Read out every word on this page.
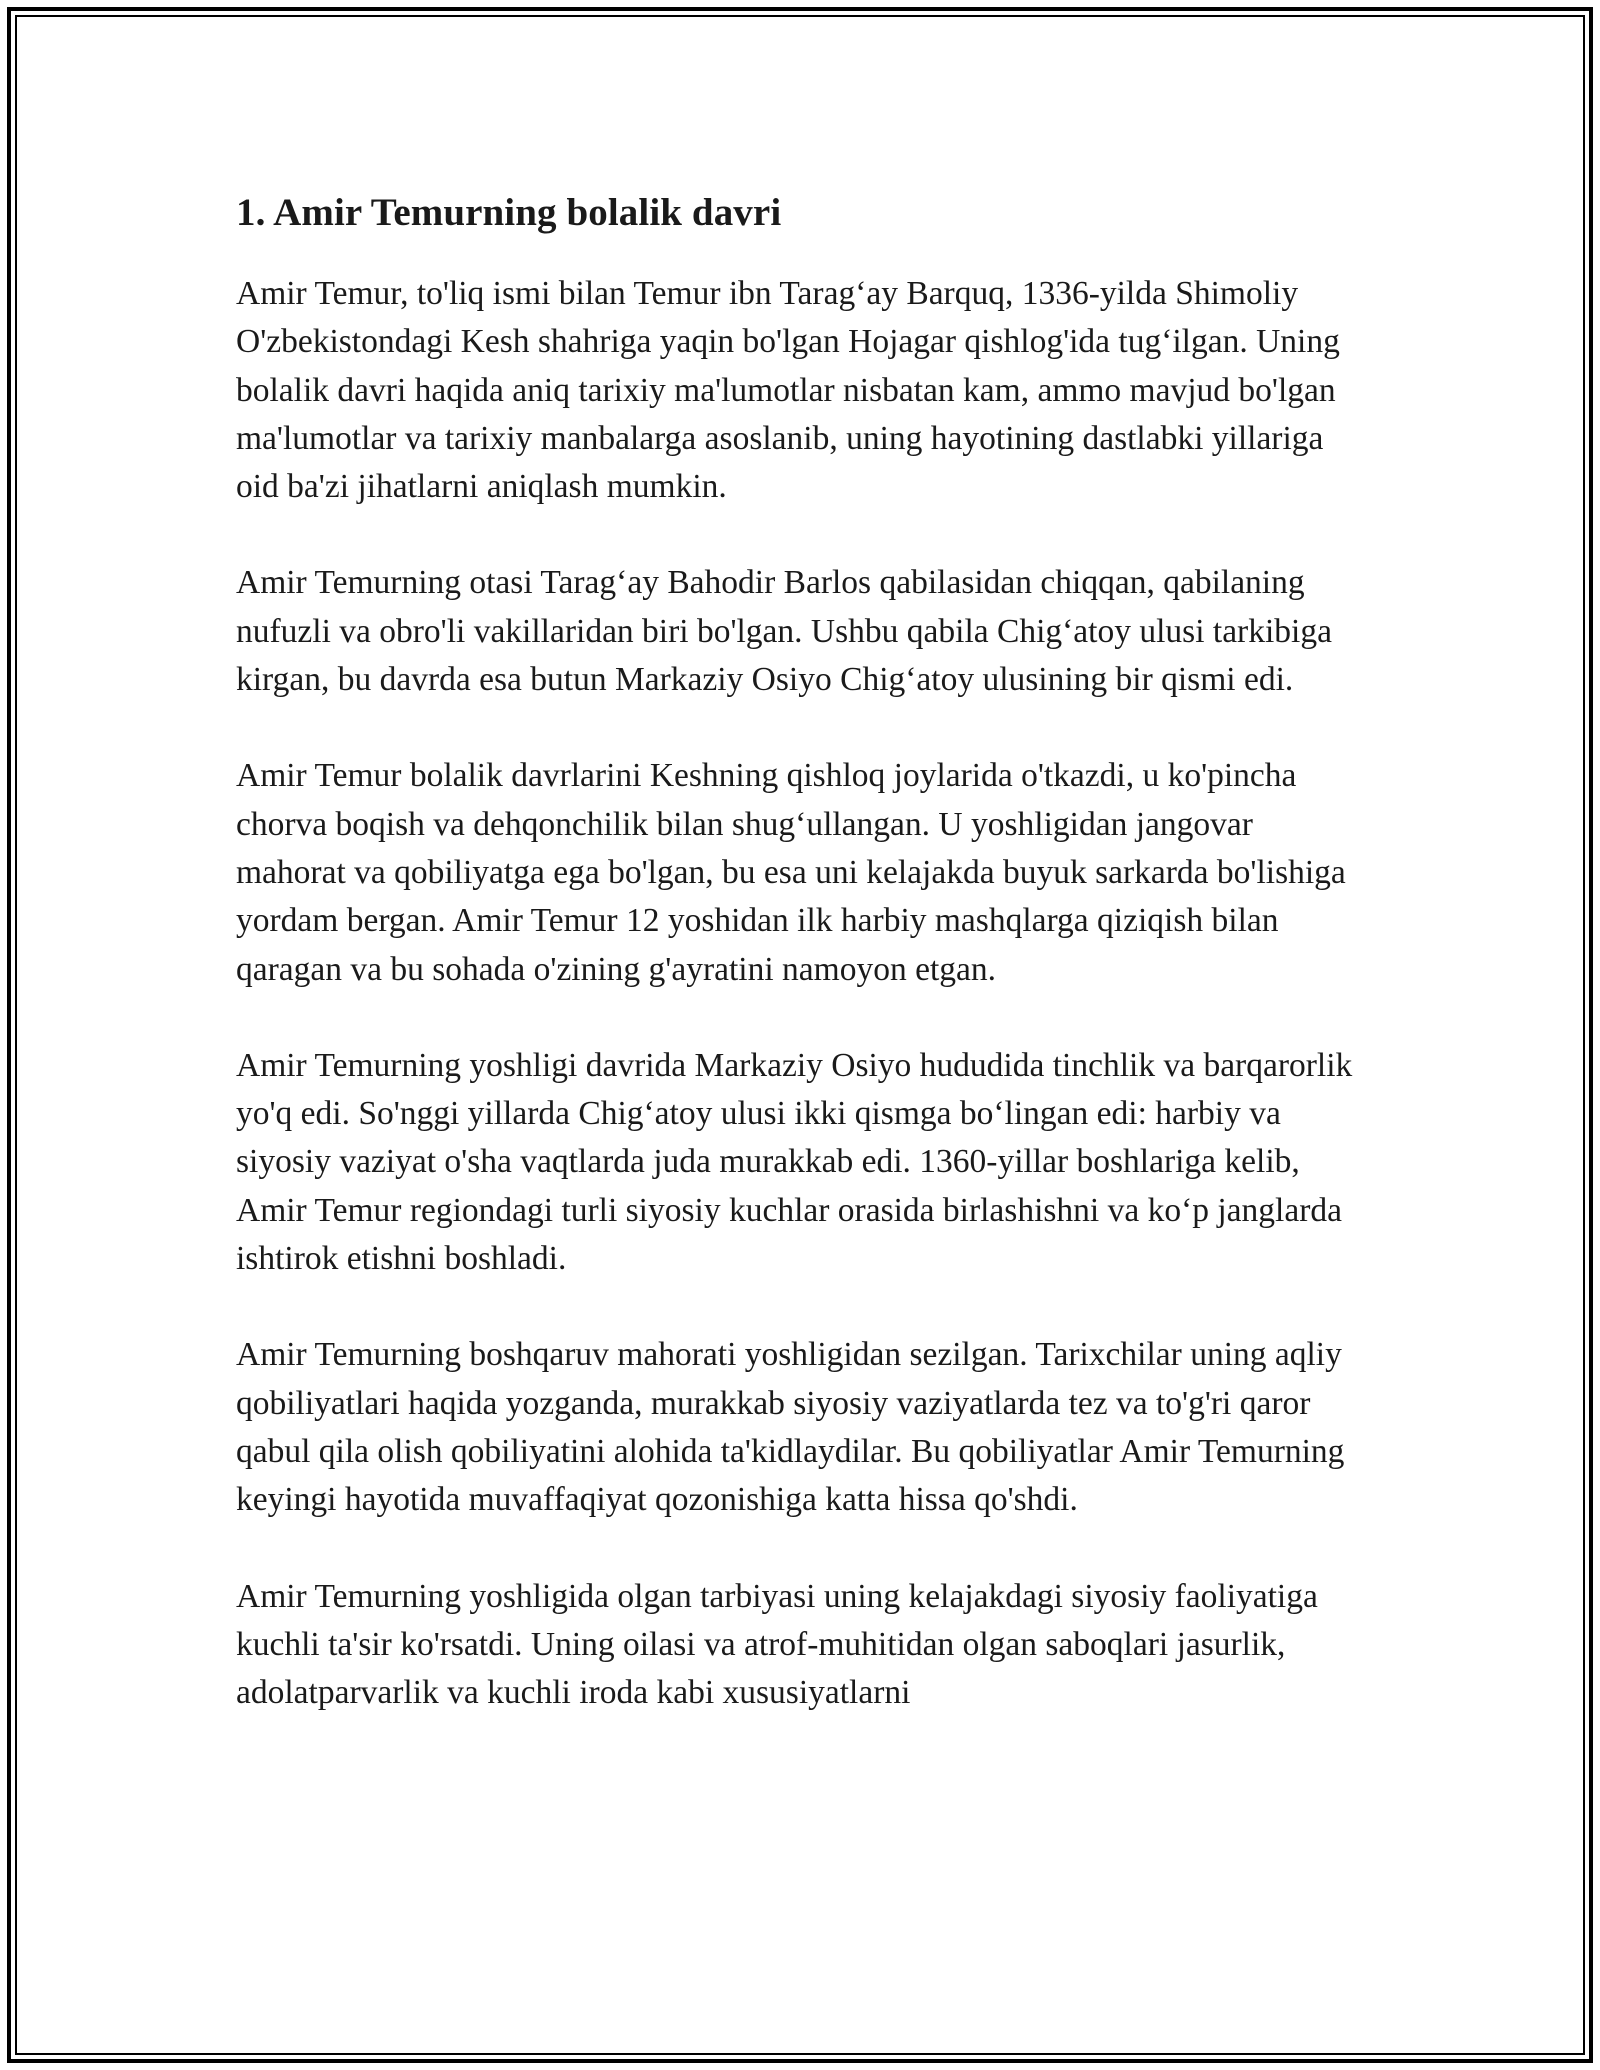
1. Amir Temurning bolalik davri

Amir Temur, to'liq ismi bilan Temur ibn Tarag‘ay Barquq, 1336-yilda Shimoliy O'zbekistondagi Kesh shahriga yaqin bo'lgan Hojagar qishlog'ida tug‘ilgan. Uning bolalik davri haqida aniq tarixiy ma'lumotlar nisbatan kam, ammo mavjud bo'lgan ma'lumotlar va tarixiy manbalarga asoslanib, uning hayotining dastlabki yillariga oid ba'zi jihatlarni aniqlash mumkin.

Amir Temurning otasi Tarag‘ay Bahodir Barlos qabilasidan chiqqan, qabilaning nufuzli va obro'li vakillaridan biri bo'lgan. Ushbu qabila Chig‘atoy ulusi tarkibiga kirgan, bu davrda esa butun Markaziy Osiyo Chig‘atoy ulusining bir qismi edi.

Amir Temur bolalik davrlarini Keshning qishloq joylarida o'tkazdi, u ko'pincha chorva boqish va dehqonchilik bilan shug‘ullangan. U yoshligidan jangovar mahorat va qobiliyatga ega bo'lgan, bu esa uni kelajakda buyuk sarkarda bo'lishiga yordam bergan. Amir Temur 12 yoshidan ilk harbiy mashqlarga qiziqish bilan qaragan va bu sohada o'zining g'ayratini namoyon etgan.

Amir Temurning yoshligi davrida Markaziy Osiyo hududida tinchlik va barqarorlik yo'q edi. So'nggi yillarda Chig‘atoy ulusi ikki qismga bo‘lingan edi: harbiy va siyosiy vaziyat o'sha vaqtlarda juda murakkab edi. 1360-yillar boshlariga kelib, Amir Temur regiondagi turli siyosiy kuchlar orasida birlashishni va ko‘p janglarda ishtirok etishni boshladi.

Amir Temurning boshqaruv mahorati yoshligidan sezilgan. Tarixchilar uning aqliy qobiliyatlari haqida yozganda, murakkab siyosiy vaziyatlarda tez va to'g'ri qaror qabul qila olish qobiliyatini alohida ta'kidlaydilar. Bu qobiliyatlar Amir Temurning keyingi hayotida muvaffaqiyat qozonishiga katta hissa qo'shdi.

Amir Temurning yoshligida olgan tarbiyasi uning kelajakdagi siyosiy faoliyatiga kuchli ta'sir ko'rsatdi. Uning oilasi va atrof-muhitidan olgan saboqlari jasurlik, adolatparvarlik va kuchli iroda kabi xususiyatlarni
